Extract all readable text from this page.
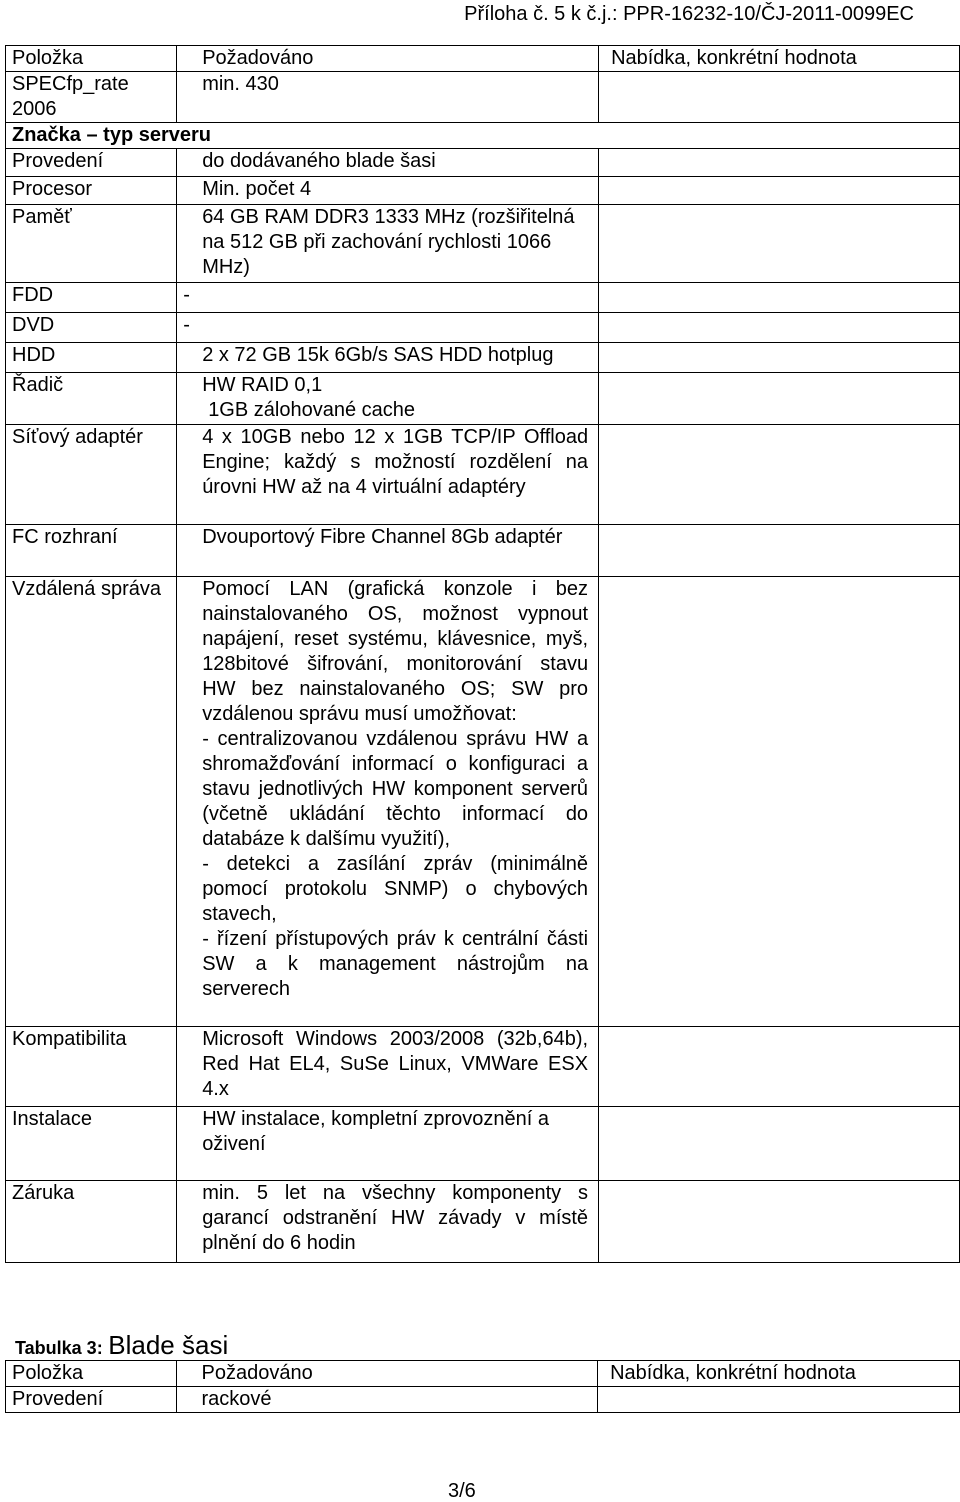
Příloha č. 5 k č.j.: PPR-16232-10/ČJ-2011-0099EC
Položka	Požadováno	Nabídka, konkrétní hodnota
SPECfp_rate 2006	min. 430	
Značka – typ serveru		
Provedení	do dodávaného blade šasi	
Procesor	Min. počet 4	
Paměť	64 GB RAM DDR3 1333 MHz (rozšiřitelná na 512 GB při zachování rychlosti 1066 MHz)	
FDD	-	
DVD	-	
HDD	2 x 72 GB 15k 6Gb/s SAS HDD hotplug	
Řadič	HW RAID 0,1
1GB zálohované cache	

Síťový adaptér	4 x 10GB nebo 12 x 1GB TCP/IP Offload Engine; každý s možností rozdělení na úrovni HW až na 4 virtuální adaptéry	
FC rozhraní	Dvouportový Fibre Channel 8Gb adaptér	
Vzdálená správa	Pomocí LAN (grafická konzole i bez nainstalovaného OS, možnost vypnout napájení, reset systému, klávesnice, myš, 128bitové šifrování, monitorování stavu HW bez nainstalovaného OS; SW pro vzdálenou správu musí umožňovat:
- centralizovanou vzdálenou správu HW a shromažďování informací o konfiguraci a stavu jednotlivých HW komponent serverů (včetně ukládání těchto informací do databáze k dalšímu využití),
- detekci a zasílání zpráv (minimálně pomocí protokolu SNMP) o chybových stavech,
- řízení přístupových práv k centrální části SW a k management nástrojům na serverech	

Kompatibilita	Microsoft Windows 2003/2008 (32b,64b), Red Hat EL4, SuSe Linux, VMWare ESX 4.x	
Instalace	HW instalace, kompletní zprovoznění a oživení	
Záruka	min. 5 let na všechny komponenty s garancí odstranění HW závady v místě plnění do 6 hodin	
Tabulka 3: Blade šasi
Položka	Požadováno	Nabídka, konkrétní hodnota
Provedení	rackové	
3/6
